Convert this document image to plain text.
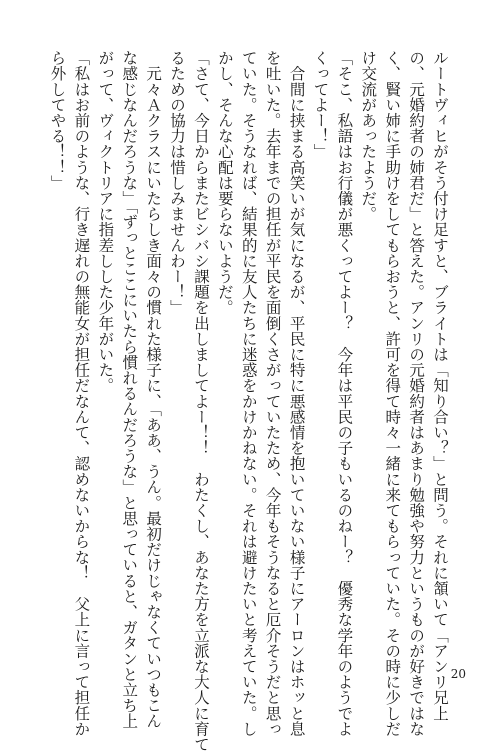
ルートヴィヒがそう付け足すと、ブライトは「知り合い？」と問う。それに頷いて「アンリ兄上
の、元婚約者の姉君だ」と答えた。アンリの元婚約者はあまり勉強や努力というものが好きではな
く、賢い姉に手助けをしてもらおうと、許可を得て時々一緒に来てもらっていた。その時に少しだ
け交流があったようだ。
「そこ、私語はお行儀が悪くってよー？　今年は平民の子もいるのねー？　優秀な学年のようでよ
くってよー！」
　合間に挟まる高笑いが気になるが、平民に特に悪感情を抱いていない様子にアーロンはホッと息
を吐いた。去年までの担任が平民を面倒くさがっていたため、今年もそうなると厄介そうだと思っ
ていた。そうなれば、結果的に友人たちに迷惑をかけかねない。それは避けたいと考えていた。し
かし、そんな心配は要らないようだ。
「さて、今日からまたビシバシ課題を出しましてよー！！　わたくし、あなた方を立派な大人に育て
るための協力は惜しみませんわー！」
　元々Ａクラスにいたらしき面々の慣れた様子に、「ああ、うん。最初だけじゃなくていつもこん
な感じなんだろうな」「ずっとここにいたら慣れるんだろうな」と思っていると、ガタンと立ち上
がって、ヴィクトリアに指差しした少年がいた。
「私はお前のような、行き遅れの無能女が担任だなんて、認めないからな！　父上に言って担任か
ら外してやる！！」
20
